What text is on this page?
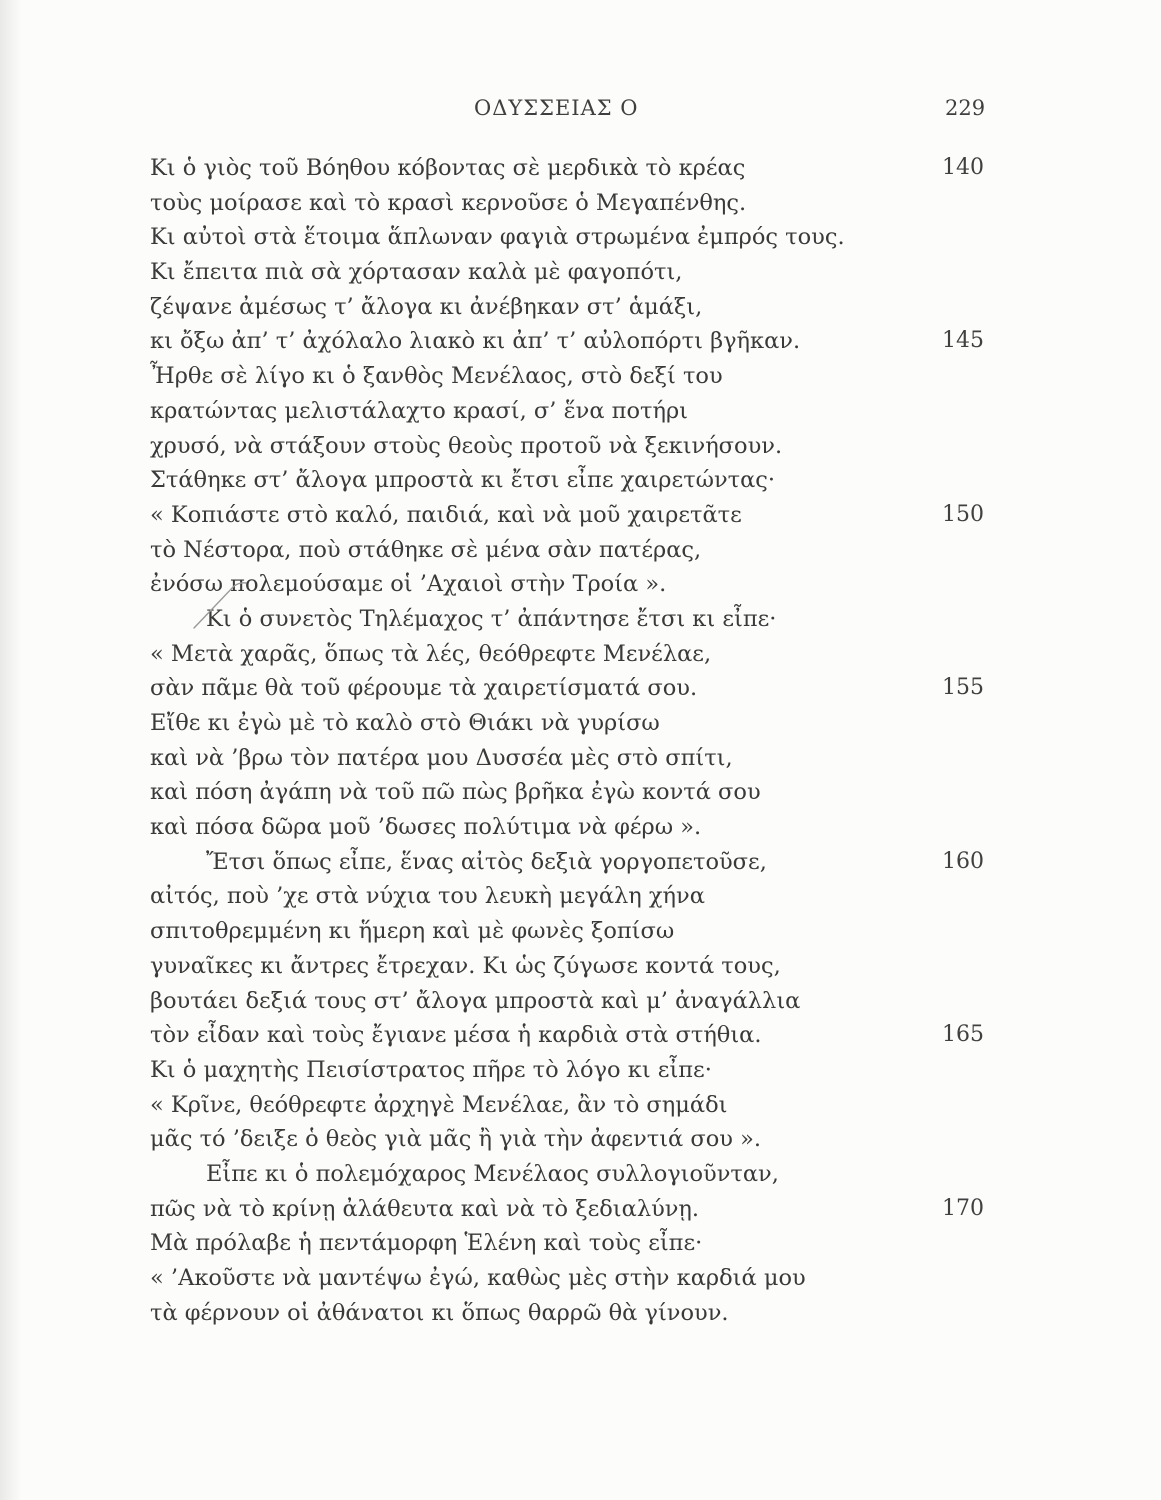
ΟΔΥΣΣΕΙΑΣ Ο	229
Κι ὁ γιὸς τοῦ Βόηθου κόβοντας σὲ μερδικὰ τὸ κρέας	140
τοὺς μοίρασε καὶ τὸ κρασὶ κερνοῦσε ὁ Μεγαπένθης.
Κι αὐτοὶ στὰ ἕτοιμα ἅπλωναν φαγιὰ στρωμένα ἐμπρός τους.
Κι ἔπειτα πιὰ σὰ χόρτασαν καλὰ μὲ φαγοπότι,
ζέψανε ἀμέσως τ’ ἄλογα κι ἀνέβηκαν στ’ ἁμάξι,
κι ὄξω ἀπ’ τ’ ἀχόλαλο λιακὸ κι ἀπ’ τ’ αὐλοπόρτι βγῆκαν.	145
Ἦρθε σὲ λίγο κι ὁ ξανθὸς Μενέλαος, στὸ δεξί του
κρατώντας μελιστάλαχτο κρασί, σ’ ἕνα ποτήρι
χρυσό, νὰ στάξουν στοὺς θεοὺς προτοῦ νὰ ξεκινήσουν.
Στάθηκε στ’ ἄλογα μπροστὰ κι ἔτσι εἶπε χαιρετώντας·
« Κοπιάστε στὸ καλό, παιδιά, καὶ νὰ μοῦ χαιρετᾶτε	150
τὸ Νέστορα, ποὺ στάθηκε σὲ μένα σὰν πατέρας,
ἐνόσω πολεμούσαμε οἱ ’Αχαιοὶ στὴν Τροία ».
Κι ὁ συνετὸς Τηλέμαχος τ’ ἀπάντησε ἔτσι κι εἶπε·
« Μετὰ χαρᾶς, ὅπως τὰ λές, θεόθρεφτε Μενέλαε,
σὰν πᾶμε θὰ τοῦ φέρουμε τὰ χαιρετίσματά σου.	155
Εἴθε κι ἐγὼ μὲ τὸ καλὸ στὸ Θιάκι νὰ γυρίσω
καὶ νὰ ’βρω τὸν πατέρα μου Δυσσέα μὲς στὸ σπίτι,
καὶ πόση ἀγάπη νὰ τοῦ πῶ πὼς βρῆκα ἐγὼ κοντά σου
καὶ πόσα δῶρα μοῦ ’δωσες πολύτιμα νὰ φέρω ».
Ἔτσι ὅπως εἶπε, ἕνας αἰτὸς δεξιὰ γοργοπετοῦσε,	160
αἰτός, ποὺ ’χε στὰ νύχια του λευκὴ μεγάλη χήνα
σπιτοθρεμμένη κι ἥμερη καὶ μὲ φωνὲς ξοπίσω
γυναῖκες κι ἄντρες ἔτρεχαν. Κι ὡς ζύγωσε κοντά τους,
βουτάει δεξιά τους στ’ ἄλογα μπροστὰ καὶ μ’ ἀναγάλλια
τὸν εἶδαν καὶ τοὺς ἔγιανε μέσα ἡ καρδιὰ στὰ στήθια.	165
Κι ὁ μαχητὴς Πεισίστρατος πῆρε τὸ λόγο κι εἶπε·
« Κρῖνε, θεόθρεφτε ἀρχηγὲ Μενέλαε, ἂν τὸ σημάδι
μᾶς τό ’δειξε ὁ θεὸς γιὰ μᾶς ἢ γιὰ τὴν ἀφεντιά σου ».
Εἶπε κι ὁ πολεμόχαρος Μενέλαος συλλογιοῦνταν,
πῶς νὰ τὸ κρίνῃ ἀλάθευτα καὶ νὰ τὸ ξεδιαλύνῃ.	170
Μὰ πρόλαβε ἡ πεντάμορφη Ἑλένη καὶ τοὺς εἶπε·
« ’Ακοῦστε νὰ μαντέψω ἐγώ, καθὼς μὲς στὴν καρδιά μου
τὰ φέρνουν οἱ ἀθάνατοι κι ὅπως θαρρῶ θὰ γίνουν.
